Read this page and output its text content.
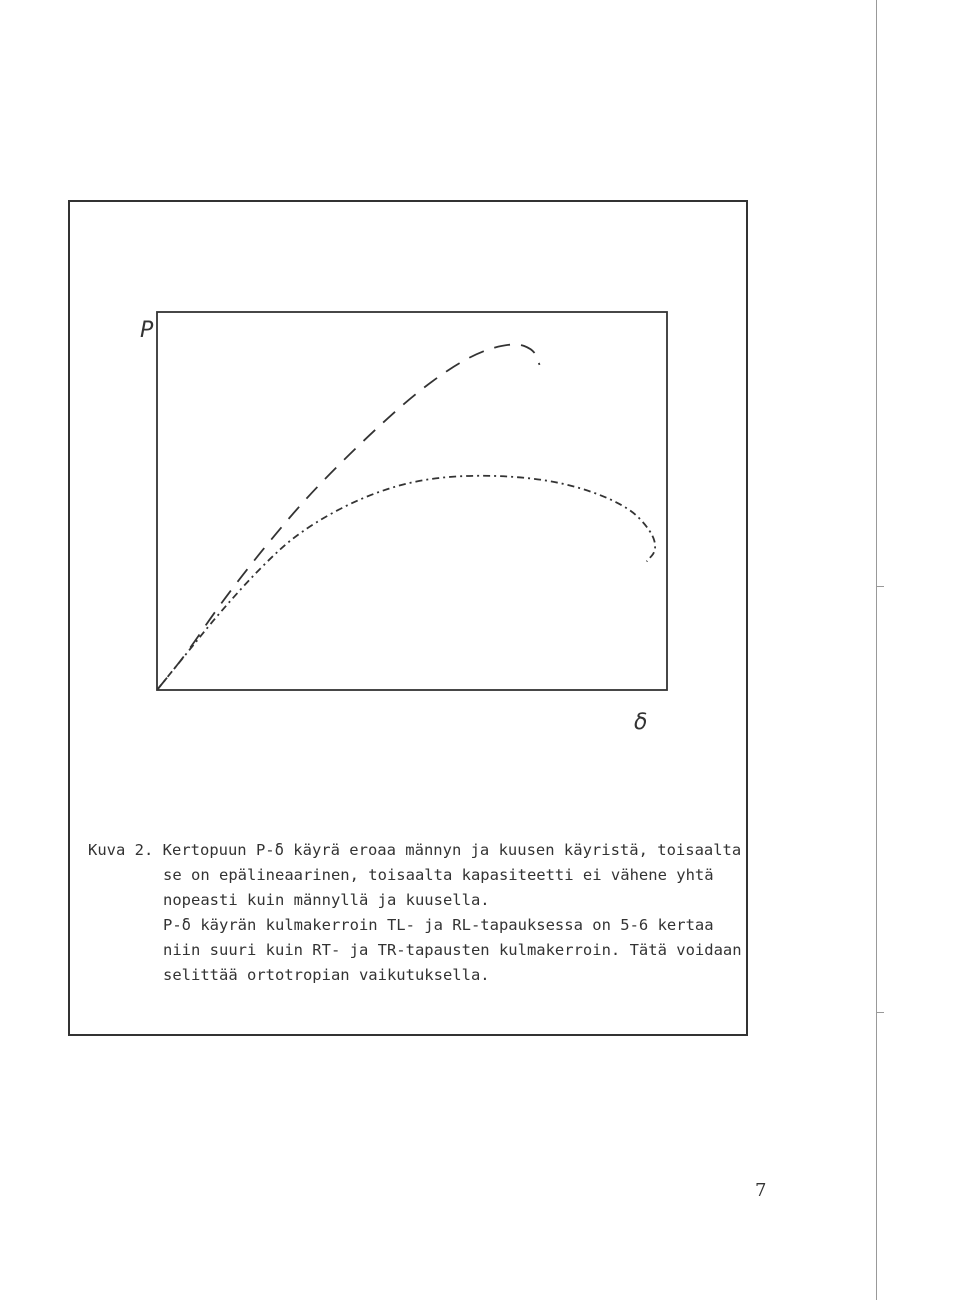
P
δ
Kuva 2. Kertopuun P-δ käyrä eroaa männyn ja kuusen käyristä, toisaalta
se on epälineaarinen, toisaalta kapasiteetti ei vähene yhtä
nopeasti kuin männyllä ja kuusella.
P-δ käyrän kulmakerroin TL- ja RL-tapauksessa on 5-6 kertaa
niin suuri kuin RT- ja TR-tapausten kulmakerroin. Tätä voidaan
selittää ortotropian vaikutuksella.
7
